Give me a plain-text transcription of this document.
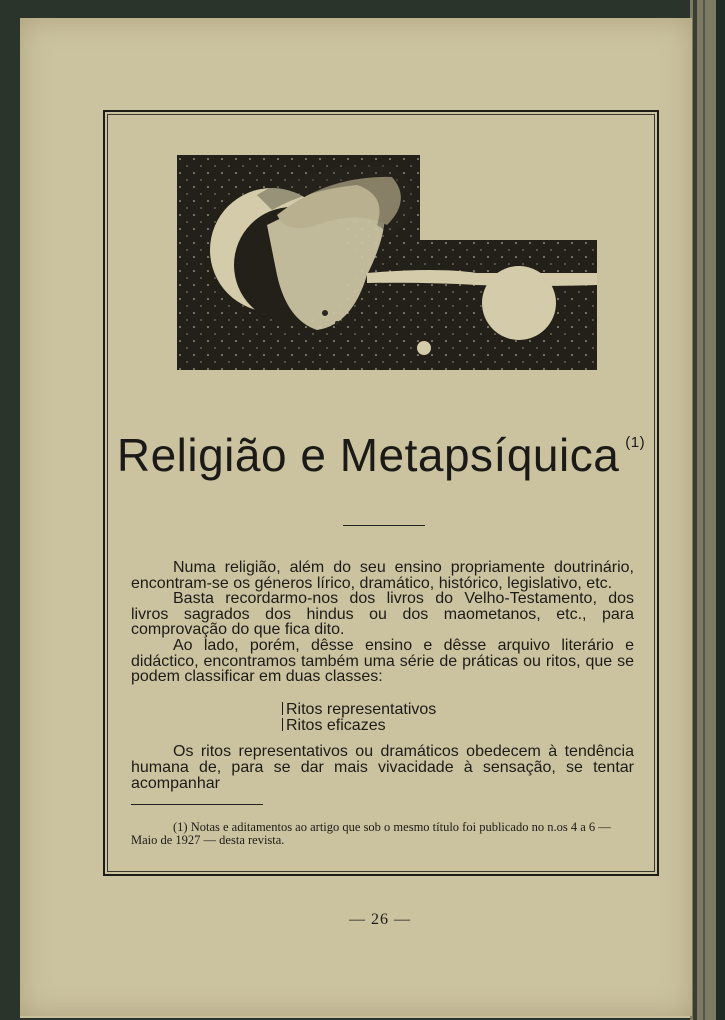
Religião e Metapsíquica $^{(1)}$

Numa religião, além do seu ensino propriamente doutrinário, encontram-se os géneros lírico, dramático, histórico, legislativo, etc.

Basta recordarmo-nos dos livros do Velho-Testamento, dos livros sagrados dos hindus ou dos maometanos, etc., para comprovação do que fica dito.

Ao lado, porém, dêsse ensino e dêsse arquivo literário e didáctico, encontramos também uma série de práticas ou ritos, que se podem classificar em duas classes:

Ritos representativos
Ritos eficazes

Os ritos representativos ou dramáticos obedecem à tendência humana de, para se dar mais vivacidade à sensação, se tentar acompanhar

(1) Notas e aditamentos ao artigo que sob o mesmo título foi publicado no n.os 4 a 6 — Maio de 1927 — desta revista.

— 26 —
